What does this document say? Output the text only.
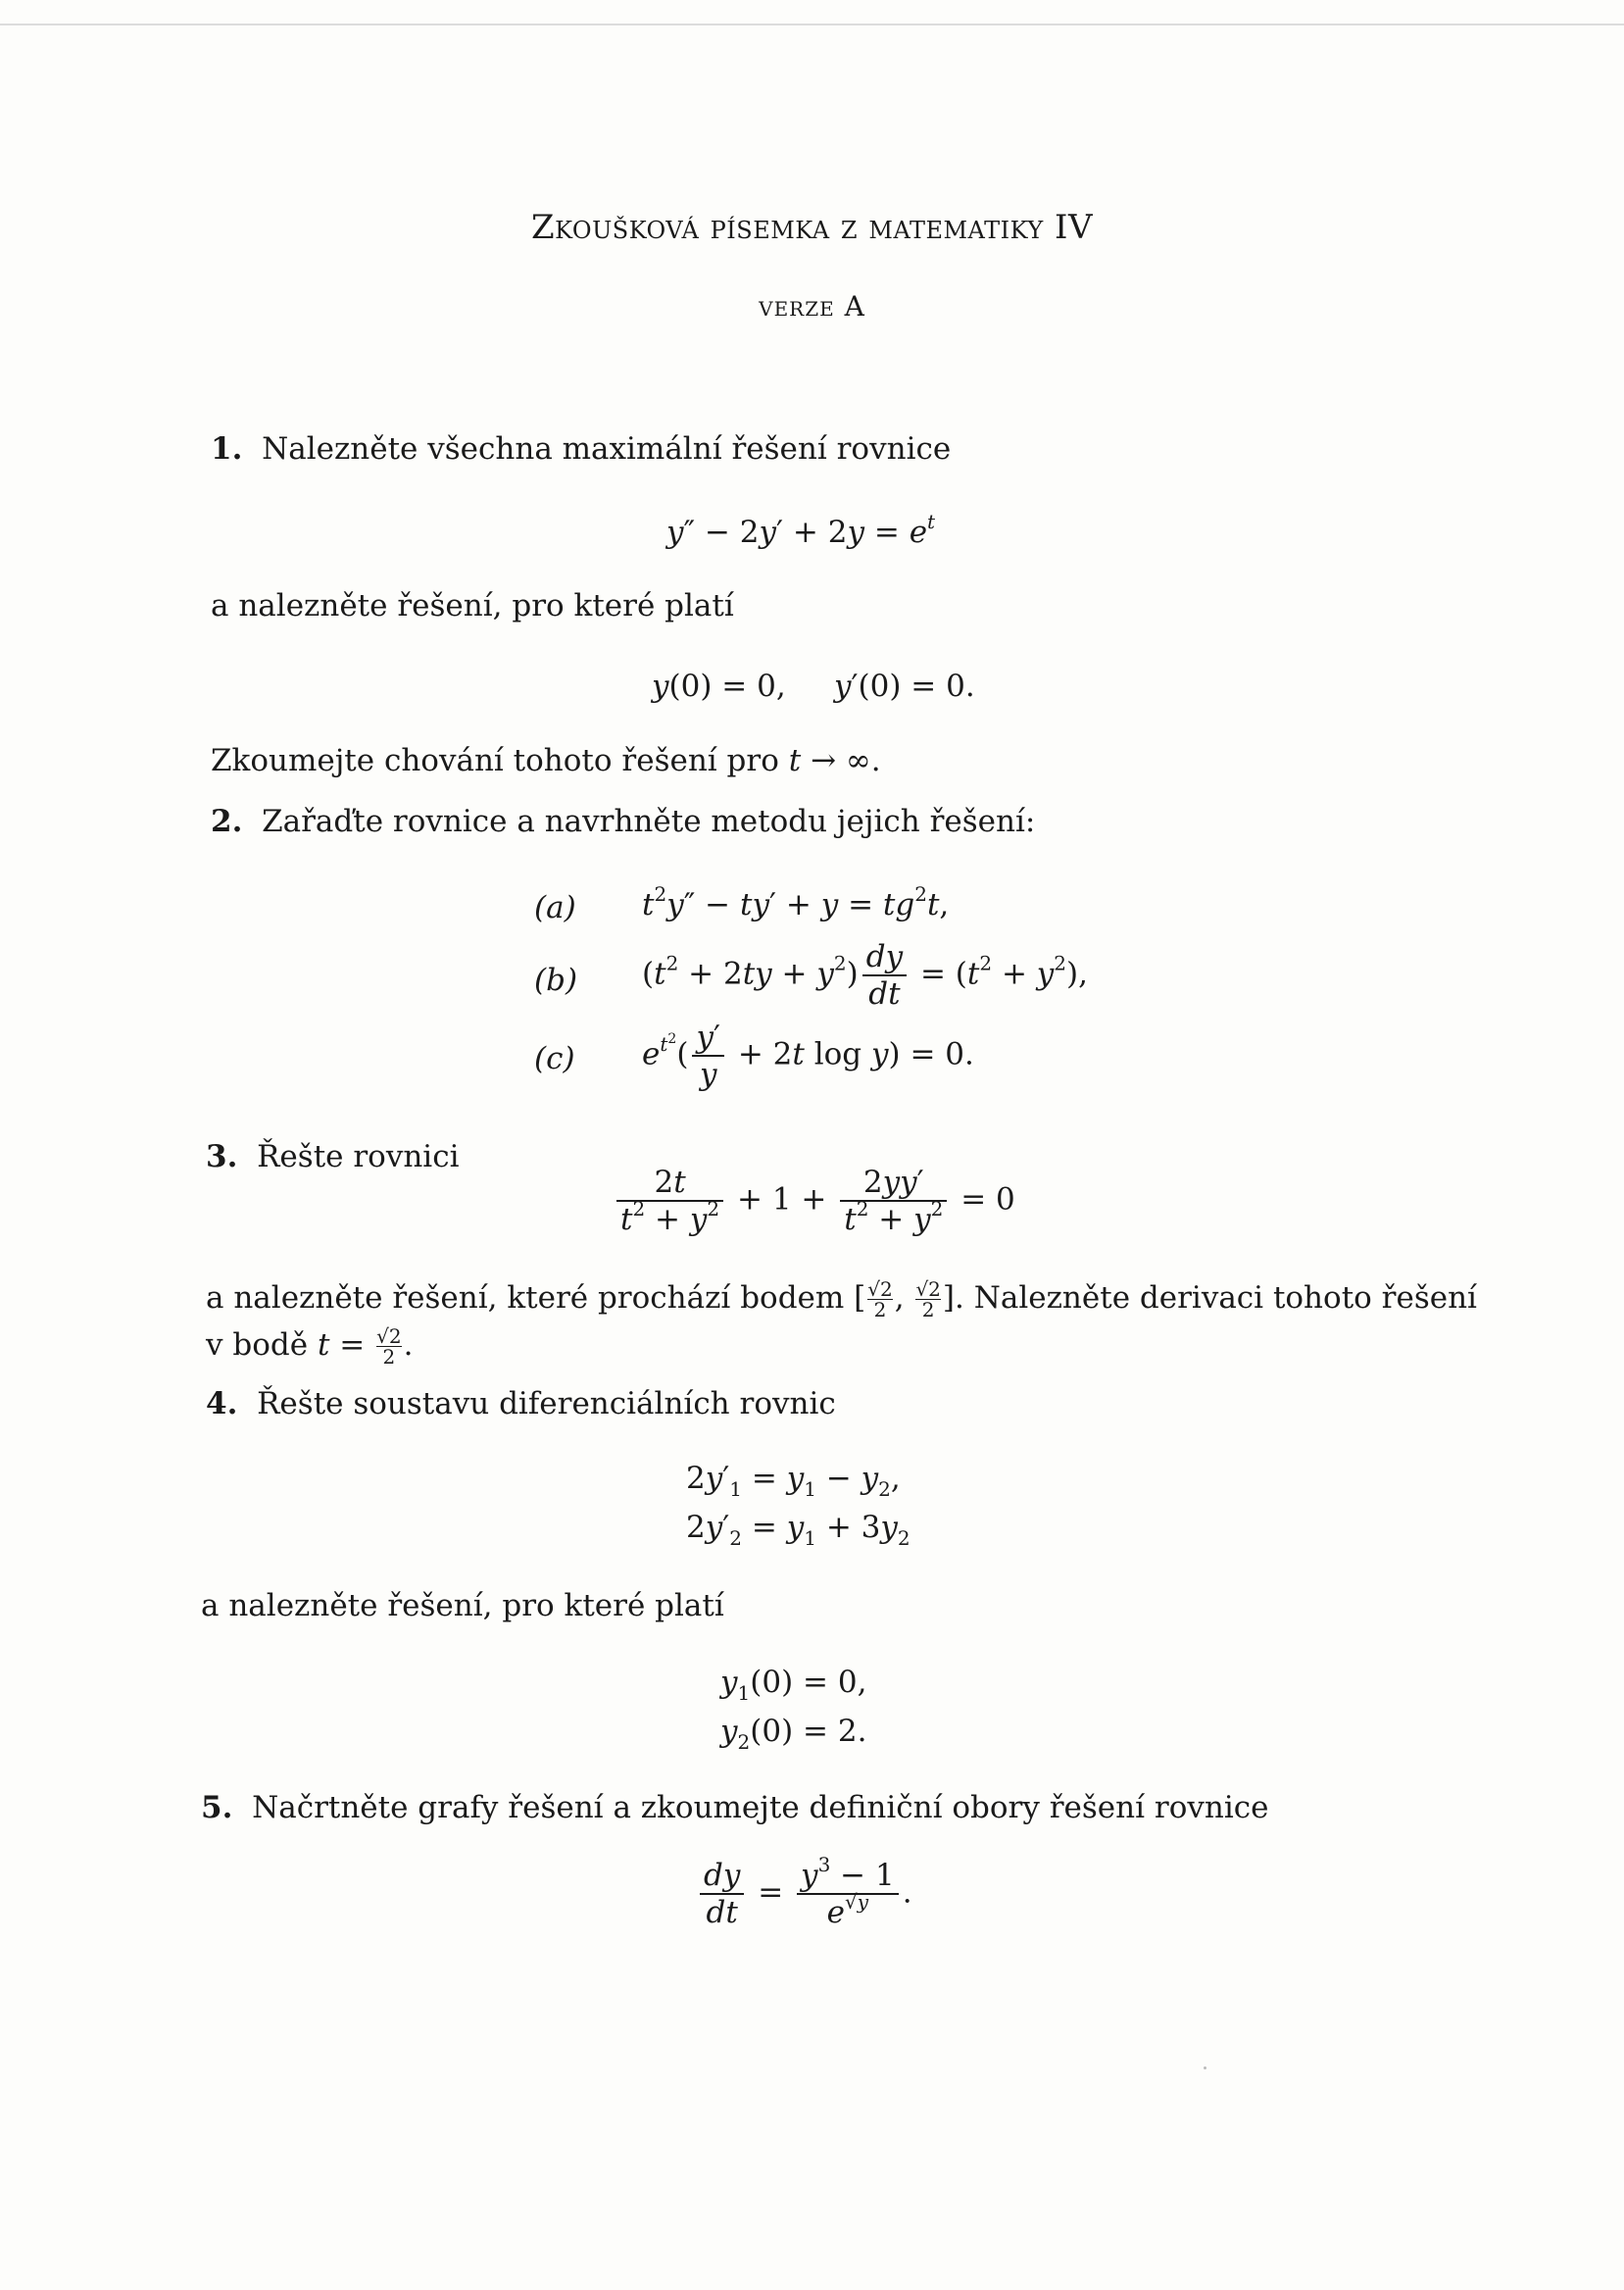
Zkoušková písemka z matematiky IV
verze A
1. Nalezněte všechna maximální řešení rovnice
$y'' - 2y' + 2y = e^t$
a nalezněte řešení, pro které platí
y(0) = 0,     y′(0) = 0.
Zkoumejte chování tohoto řešení pro t → ∞.
2. Zařaďte rovnice a navrhněte metodu jejich řešení:
(a) $t^2y'' - ty' + y = tg^2t$,
(b) $(t^2 + 2ty + y^2) \frac{dy}{dt} = (t^2 + y^2)$,
(c) $e^{t^2}( \frac{y'}{y} + 2t$ log y) = 0.
3. Řešte rovnici
$\frac{2t}{t^2 + y^2} + 1 + \frac{2yy'}{t^2 + y^2} = 0$
a nalezněte řešení, které prochází bodem [ $\frac{√2}{2}$ , $\frac{√2}{2}$ ]. Nalezněte derivaci tohoto řešení
v bodě $t = \frac{√2}{2}$ .
4. Řešte soustavu diferenciálních rovnic
$2y'_1 = y_1 - y_2$,
$2y'_2 = y_1 + 3y_2$
a nalezněte řešení, pro které platí
$y_1(0) = 0$,
$y_2(0) = 2$.
5. Načrtněte grafy řešení a zkoumejte definiční obory řešení rovnice
$\frac{dy}{dt} = \frac{y^3 - 1}{e^{√y}}$ .
